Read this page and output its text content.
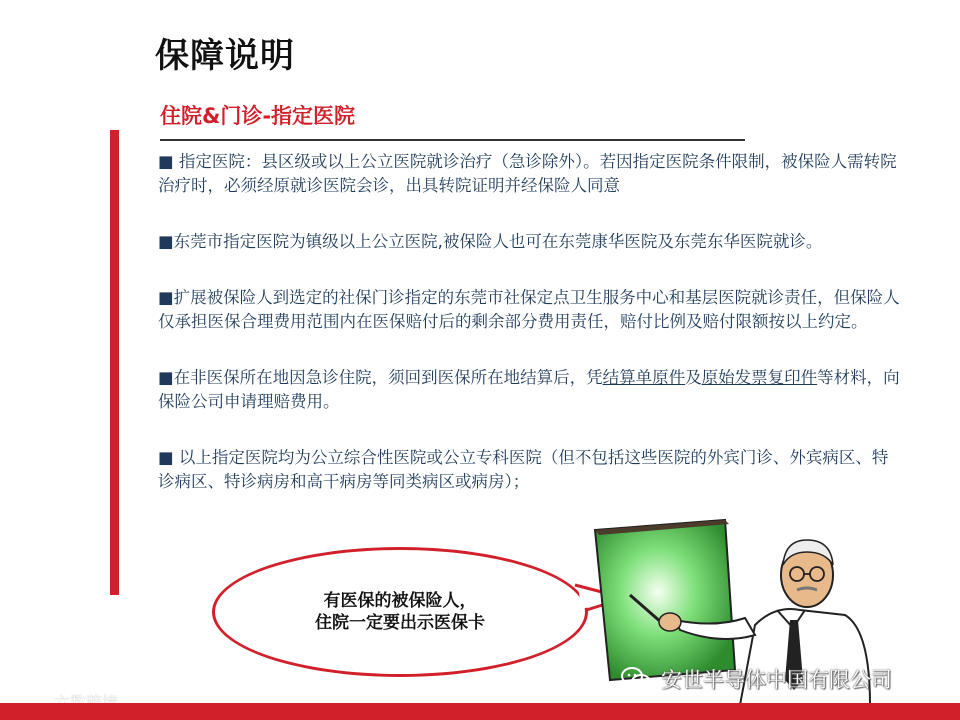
保障说明
住院&门诊-指定医院

■ 指定医院：县区级或以上公立医院就诊治疗（急诊除外）。若因指定医院条件限制，被保险人需转院治疗时，必须经原就诊医院会诊，出具转院证明并经保险人同意

■东莞市指定医院为镇级以上公立医院,被保险人也可在东莞康华医院及东莞东华医院就诊。

■扩展被保险人到选定的社保门诊指定的东莞市社保定点卫生服务中心和基层医院就诊责任，但保险人仅承担医保合理费用范围内在医保赔付后的剩余部分费用责任，赔付比例及赔付限额按以上约定。

■在非医保所在地因急诊住院，须回到医保所在地结算后，凭结算单原件及原始发票复印件等材料，向保险公司申请理赔费用。

■ 以上指定医院均为公立综合性医院或公立专科医院（但不包括这些医院的外宾门诊、外宾病区、特诊病区、特诊病房和高干病房等同类病区或病房）；

有医保的被保险人，
住院一定要出示医保卡
安世半导体中国有限公司
